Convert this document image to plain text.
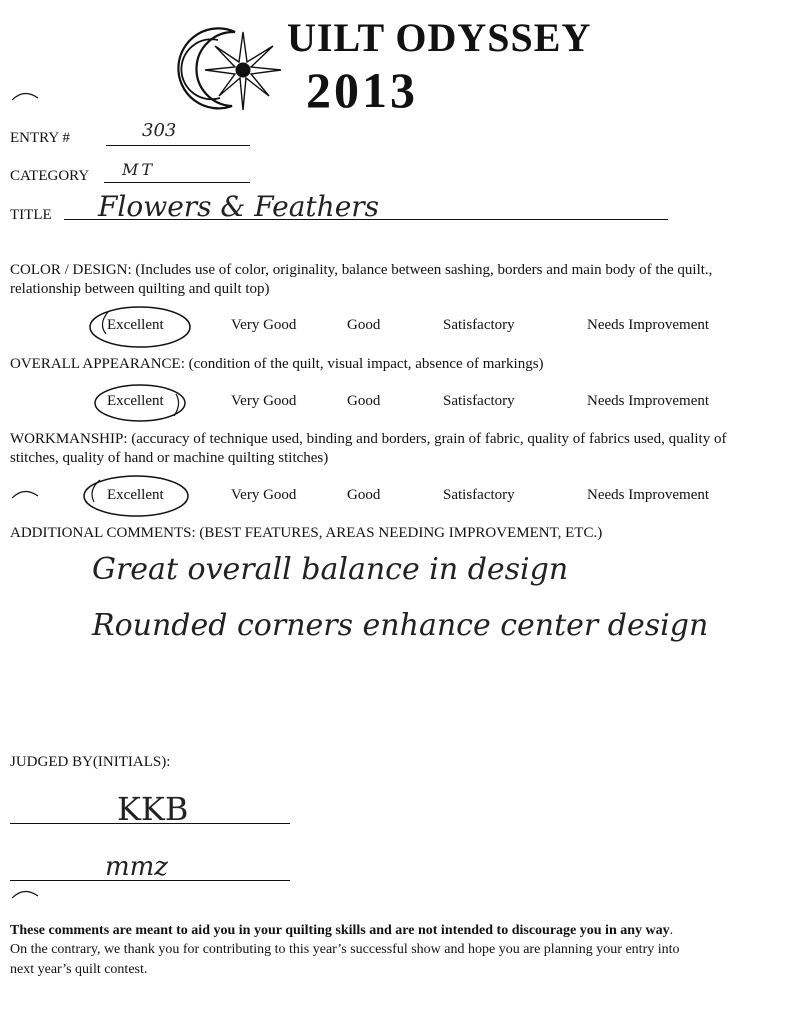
UILT ODYSSEY
2013
ENTRY #	303
CATEGORY MT
TITLE Flowers & Feathers
COLOR / DESIGN: (Includes use of color, originality, balance between sashing, borders and main body of the quilt.,
relationship between quilting and quilt top)
Excellent	Very Good	Good	Satisfactory	Needs Improvement
OVERALL APPEARANCE: (condition of the quilt, visual impact, absence of markings)
Excellent	Very Good	Good	Satisfactory	Needs Improvement
WORKMANSHIP: (accuracy of technique used, binding and borders, grain of fabric, quality of fabrics used, quality of
stitches, quality of hand or machine quilting stitches)
Excellent	Very Good	Good	Satisfactory	Needs Improvement
ADDITIONAL COMMENTS: (BEST FEATURES, AREAS NEEDING IMPROVEMENT, ETC.)
Great overall balance in design
Rounded corners enhance center design
JUDGED BY(INITIALS):
KKB
mmz
These comments are meant to aid you in your quilting skills and are not intended to discourage you in any way.
On the contrary, we thank you for contributing to this year’s successful show and hope you are planning your entry into
next year’s quilt contest.
